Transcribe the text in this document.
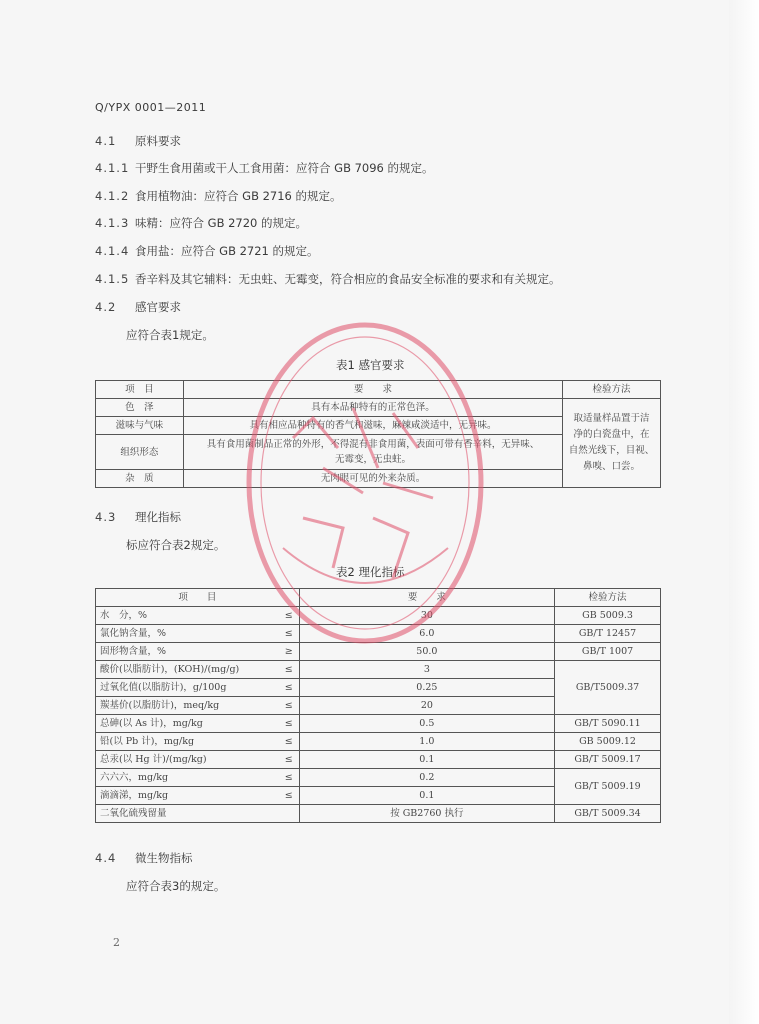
Q/YPX 0001—2011
4.1 原料要求
4.1.1 干野生食用菌或干人工食用菌：应符合 GB 7096 的规定。
4.1.2 食用植物油：应符合 GB 2716 的规定。
4.1.3 味精：应符合 GB 2720 的规定。
4.1.4 食用盐：应符合 GB 2721 的规定。
4.1.5 香辛料及其它辅料：无虫蛀、无霉变，符合相应的食品安全标准的要求和有关规定。
4.2 感官要求
应符合表1规定。
表1 感官要求
项　目	要　　求	检验方法
色　泽	具有本品种特有的正常色泽。	取适量样品置于洁
净的白瓷盘中，在
自然光线下，目视、
鼻嗅、口尝。

滋味与气味	具有相应品种特有的香气和滋味，麻辣咸淡适中，无异味。	
组织形态	具有食用菌制品正常的外形，不得混有非食用菌，表面可带有香辛料，无异味、
无霉变，无虫蛀。	

杂　质	无肉眼可见的外来杂质。	
4.3 理化指标
标应符合表2规定。
表2 理化指标
项　　目		要　　求	检验方法
水　分，%	≤	30	GB 5009.3
氯化钠含量，%	≤	6.0	GB/T 12457
固形物含量，%	≥	50.0	GB/T 1007
酸价(以脂肪计)，(KOH)/(mg/g)	≤	3	GB/T5009.37
过氧化值(以脂肪计)，g/100g	≤	0.25	
羰基价(以脂肪计)，meq/kg	≤	20	
总砷(以 As 计)，mg/kg	≤	0.5	GB/T 5090.11
铅(以 Pb 计)，mg/kg	≤	1.0	GB 5009.12
总汞(以 Hg 计)/(mg/kg)	≤	0.1	GB/T 5009.17
六六六，mg/kg	≤	0.2	GB/T 5009.19
滴滴涕，mg/kg	≤	0.1	
二氧化硫残留量		按 GB2760 执行	GB/T 5009.34
4.4 微生物指标
应符合表3的规定。
2
